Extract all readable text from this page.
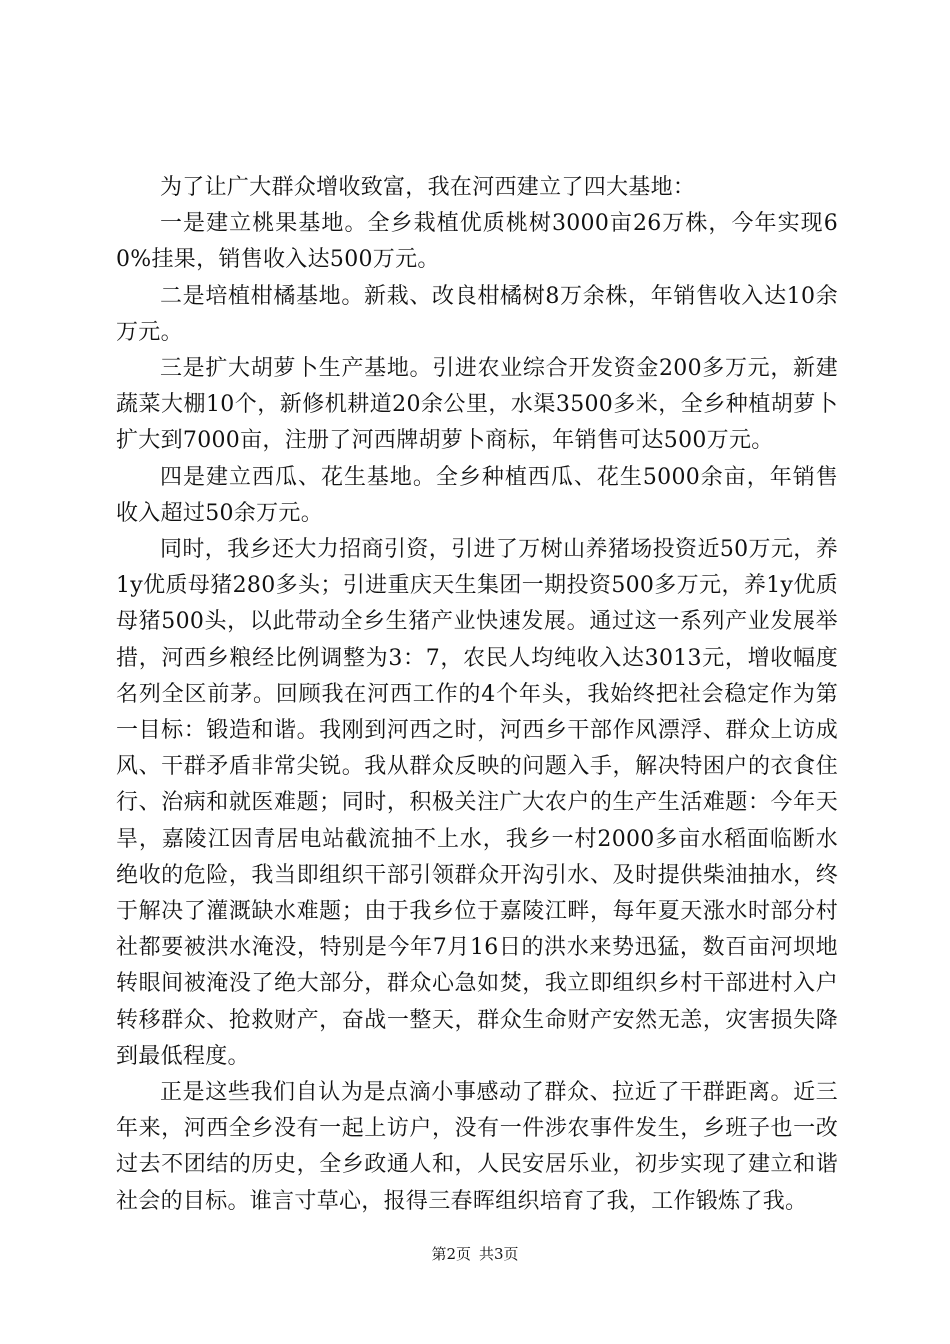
为了让广大群众增收致富，我在河西建立了四大基地：

一是建立桃果基地。全乡栽植优质桃树3000亩26万株，今年实现60%挂果，销售收入达500万元。

二是培植柑橘基地。新栽、改良柑橘树8万余株，年销售收入达10余万元。

三是扩大胡萝卜生产基地。引进农业综合开发资金200多万元，新建蔬菜大棚10个，新修机耕道20余公里，水渠3500多米，全乡种植胡萝卜扩大到7000亩，注册了河西牌胡萝卜商标，年销售可达500万元。

四是建立西瓜、花生基地。全乡种植西瓜、花生5000余亩，年销售收入超过50余万元。

同时，我乡还大力招商引资，引进了万树山养猪场投资近50万元，养1y优质母猪280多头；引进重庆天生集团一期投资500多万元，养1y优质母猪500头，以此带动全乡生猪产业快速发展。通过这一系列产业发展举措，河西乡粮经比例调整为3：7，农民人均纯收入达3013元，增收幅度名列全区前茅。回顾我在河西工作的4个年头，我始终把社会稳定作为第一目标：锻造和谐。我刚到河西之时，河西乡干部作风漂浮、群众上访成风、干群矛盾非常尖锐。我从群众反映的问题入手，解决特困户的衣食住行、治病和就医难题；同时，积极关注广大农户的生产生活难题：今年天旱，嘉陵江因青居电站截流抽不上水，我乡一村2000多亩水稻面临断水绝收的危险，我当即组织干部引领群众开沟引水、及时提供柴油抽水，终于解决了灌溉缺水难题；由于我乡位于嘉陵江畔，每年夏天涨水时部分村社都要被洪水淹没，特别是今年7月16日的洪水来势迅猛，数百亩河坝地转眼间被淹没了绝大部分，群众心急如焚，我立即组织乡村干部进村入户转移群众、抢救财产，奋战一整天，群众生命财产安然无恙，灾害损失降到最低程度。

正是这些我们自认为是点滴小事感动了群众、拉近了干群距离。近三年来，河西全乡没有一起上访户，没有一件涉农事件发生，乡班子也一改过去不团结的历史，全乡政通人和，人民安居乐业，初步实现了建立和谐社会的目标。谁言寸草心，报得三春晖组织培育了我，工作锻炼了我。

第2页 共3页
